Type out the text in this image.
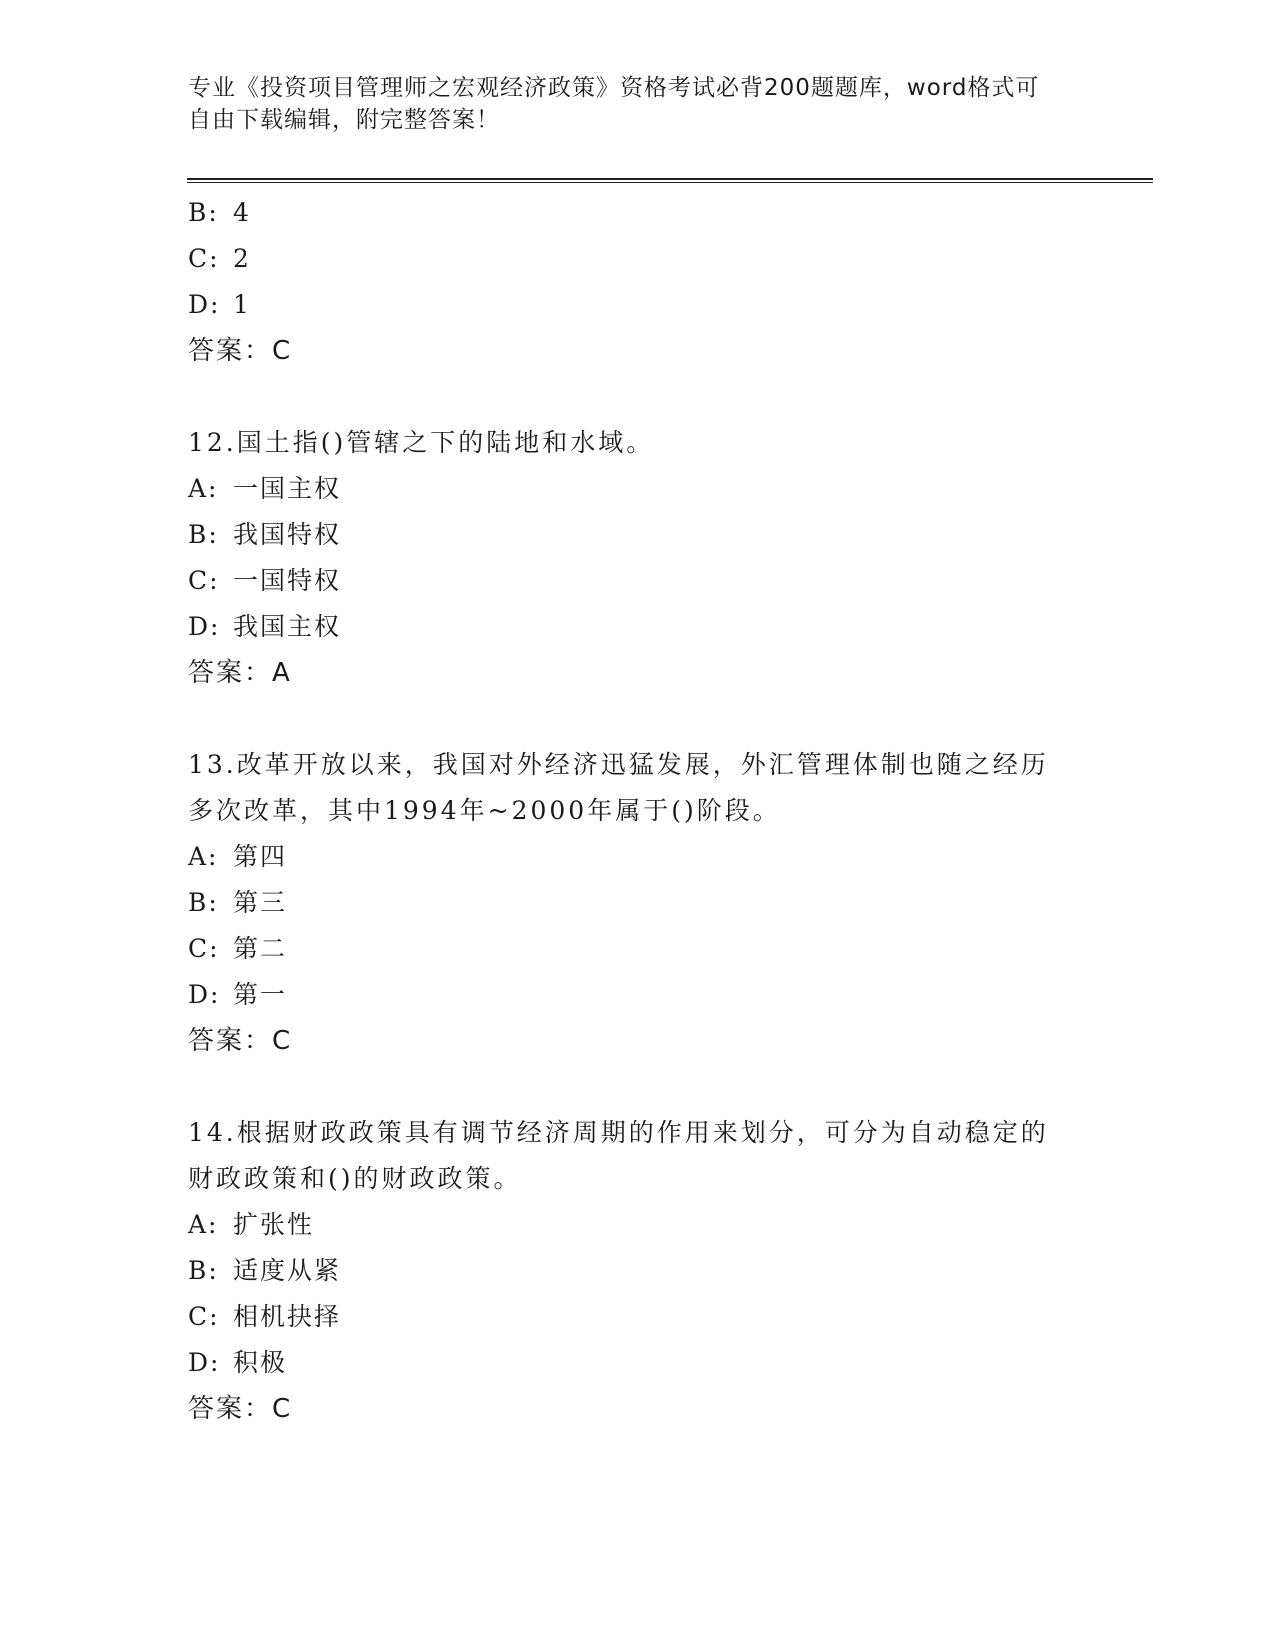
专业《投资项目管理师之宏观经济政策》资格考试必背200题题库，word格式可
自由下载编辑，附完整答案！
B: 4
C: 2
D: 1
答案：C
12.国土指()管辖之下的陆地和水域。
A: 一国主权
B: 我国特权
C: 一国特权
D: 我国主权
答案：A
13.改革开放以来，我国对外经济迅猛发展，外汇管理体制也随之经历
多次改革，其中1994年~2000年属于()阶段。
A: 第四
B: 第三
C: 第二
D: 第一
答案：C
14.根据财政政策具有调节经济周期的作用来划分，可分为自动稳定的
财政政策和()的财政政策。
A: 扩张性
B: 适度从紧
C: 相机抉择
D: 积极
答案：C
